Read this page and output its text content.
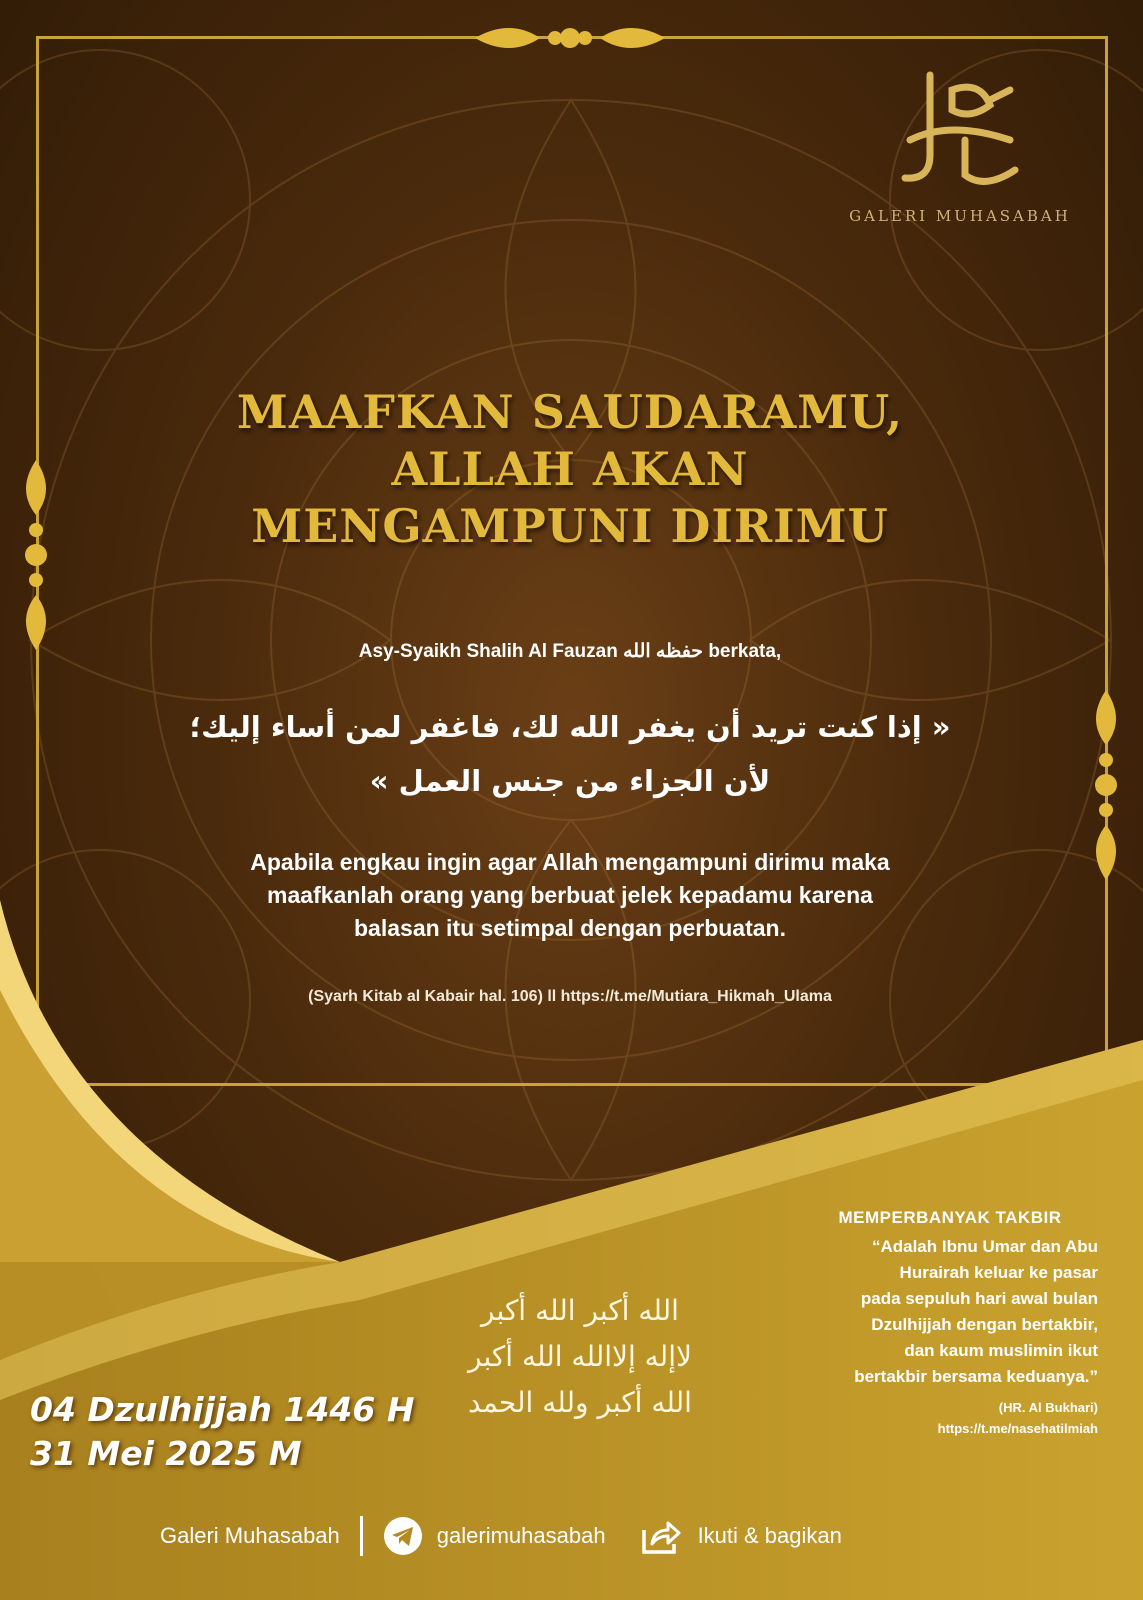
GALERI MUHASABAH
MAAFKAN SAUDARAMU,
ALLAH AKAN
MENGAMPUNI DIRIMU
Asy-Syaikh Shalih Al Fauzan حفظه الله berkata,
« إذا كنت تريد أن يغفر الله لك، فاغفر لمن أساء إليك؛
لأن الجزاء من جنس العمل »
Apabila engkau ingin agar Allah mengampuni dirimu maka
maafkanlah orang yang berbuat jelek kepadamu karena
balasan itu setimpal dengan perbuatan.
(Syarh Kitab al Kabair hal. 106) ll https://t.me/Mutiara_Hikmah_Ulama
04 Dzulhijjah 1446 H
31 Mei 2025 M
الله أكبر الله أكبر
لاإله إلاالله الله أكبر
الله أكبر ولله الحمد
MEMPERBANYAK TAKBIR
“Adalah Ibnu Umar dan Abu
Hurairah keluar ke pasar
pada sepuluh hari awal bulan
Dzulhijjah dengan bertakbir,
dan kaum muslimin ikut
bertakbir bersama keduanya.”
(HR. Al Bukhari)
https://t.me/nasehatilmiah
Galeri Muhasabah	galerimuhasabah	Ikuti & bagikan
